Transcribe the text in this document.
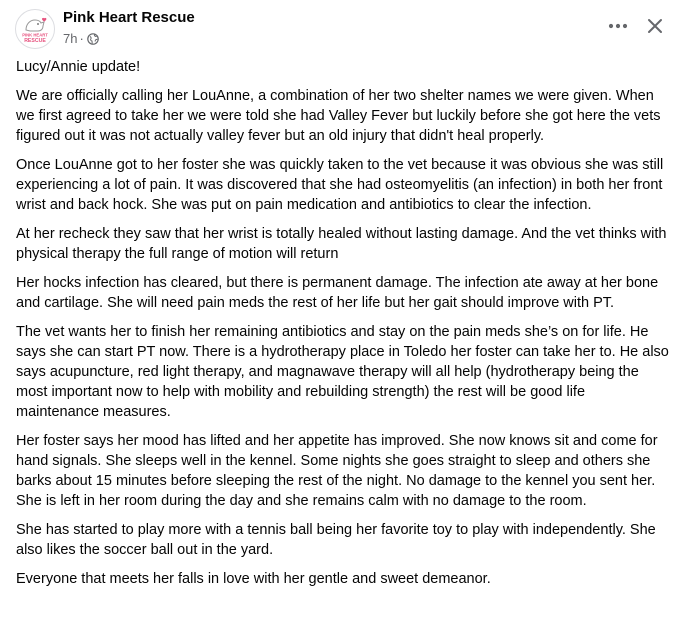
PINK HEART
RESCUE
Pink Heart Rescue
7h ·

Lucy/Annie update!

We are officially calling her LouAnne, a combination of her two shelter names we were given. When we first agreed to take her we were told she had Valley Fever but luckily before she got here the vets figured out it was not actually valley fever but an old injury that didn't heal properly.

Once LouAnne got to her foster she was quickly taken to the vet because it was obvious she was still experiencing a lot of pain. It was discovered that she had osteomyelitis (an infection) in both her front wrist and back hock. She was put on pain medication and antibiotics to clear the infection.

At her recheck they saw that her wrist is totally healed without lasting damage. And the vet thinks with physical therapy the full range of motion will return

Her hocks infection has cleared, but there is permanent damage. The infection ate away at her bone and cartilage. She will need pain meds the rest of her life but her gait should improve with PT.

The vet wants her to finish her remaining antibiotics and stay on the pain meds she’s on for life. He says she can start PT now. There is a hydrotherapy place in Toledo her foster can take her to. He also says acupuncture, red light therapy, and magnawave therapy will all help (hydrotherapy being the most important now to help with mobility and rebuilding strength) the rest will be good life maintenance measures.

Her foster says her mood has lifted and her appetite has improved. She now knows sit and come for hand signals. She sleeps well in the kennel. Some nights she goes straight to sleep and others she barks about 15 minutes before sleeping the rest of the night. No damage to the kennel you sent her. She is left in her room during the day and she remains calm with no damage to the room.

She has started to play more with a tennis ball being her favorite toy to play with independently. She also likes the soccer ball out in the yard.

Everyone that meets her falls in love with her gentle and sweet demeanor.
